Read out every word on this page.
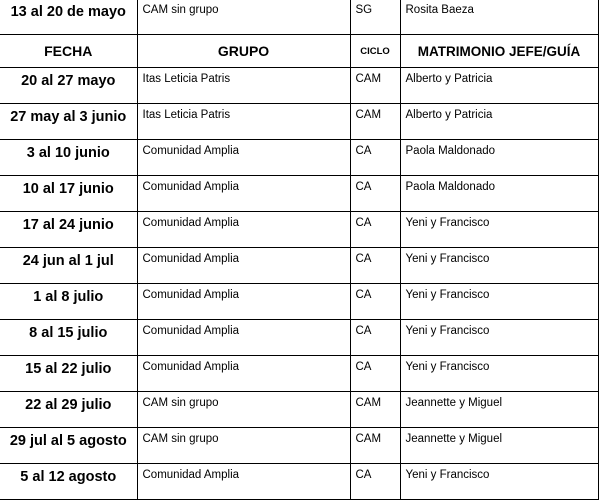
13 al 20 de mayo	CAM sin grupo	SG	Rosita Baeza
FECHA	GRUPO	CICLO	MATRIMONIO JEFE/GUÍA
20 al 27 mayo	Itas Leticia Patris	CAM	Alberto y Patricia
27 may al 3 junio	Itas Leticia Patris	CAM	Alberto y Patricia
3 al 10 junio	Comunidad Amplia	CA	Paola Maldonado
10 al 17 junio	Comunidad Amplia	CA	Paola Maldonado
17 al 24 junio	Comunidad Amplia	CA	Yeni y Francisco
24 jun al 1 jul	Comunidad Amplia	CA	Yeni y Francisco
1 al 8 julio	Comunidad Amplia	CA	Yeni y Francisco
8 al 15 julio	Comunidad Amplia	CA	Yeni y Francisco
15 al 22 julio	Comunidad Amplia	CA	Yeni y Francisco
22 al 29 julio	CAM sin grupo	CAM	Jeannette y Miguel
29 jul al 5 agosto	CAM sin grupo	CAM	Jeannette y Miguel
5 al 12 agosto	Comunidad Amplia	CA	Yeni y Francisco
